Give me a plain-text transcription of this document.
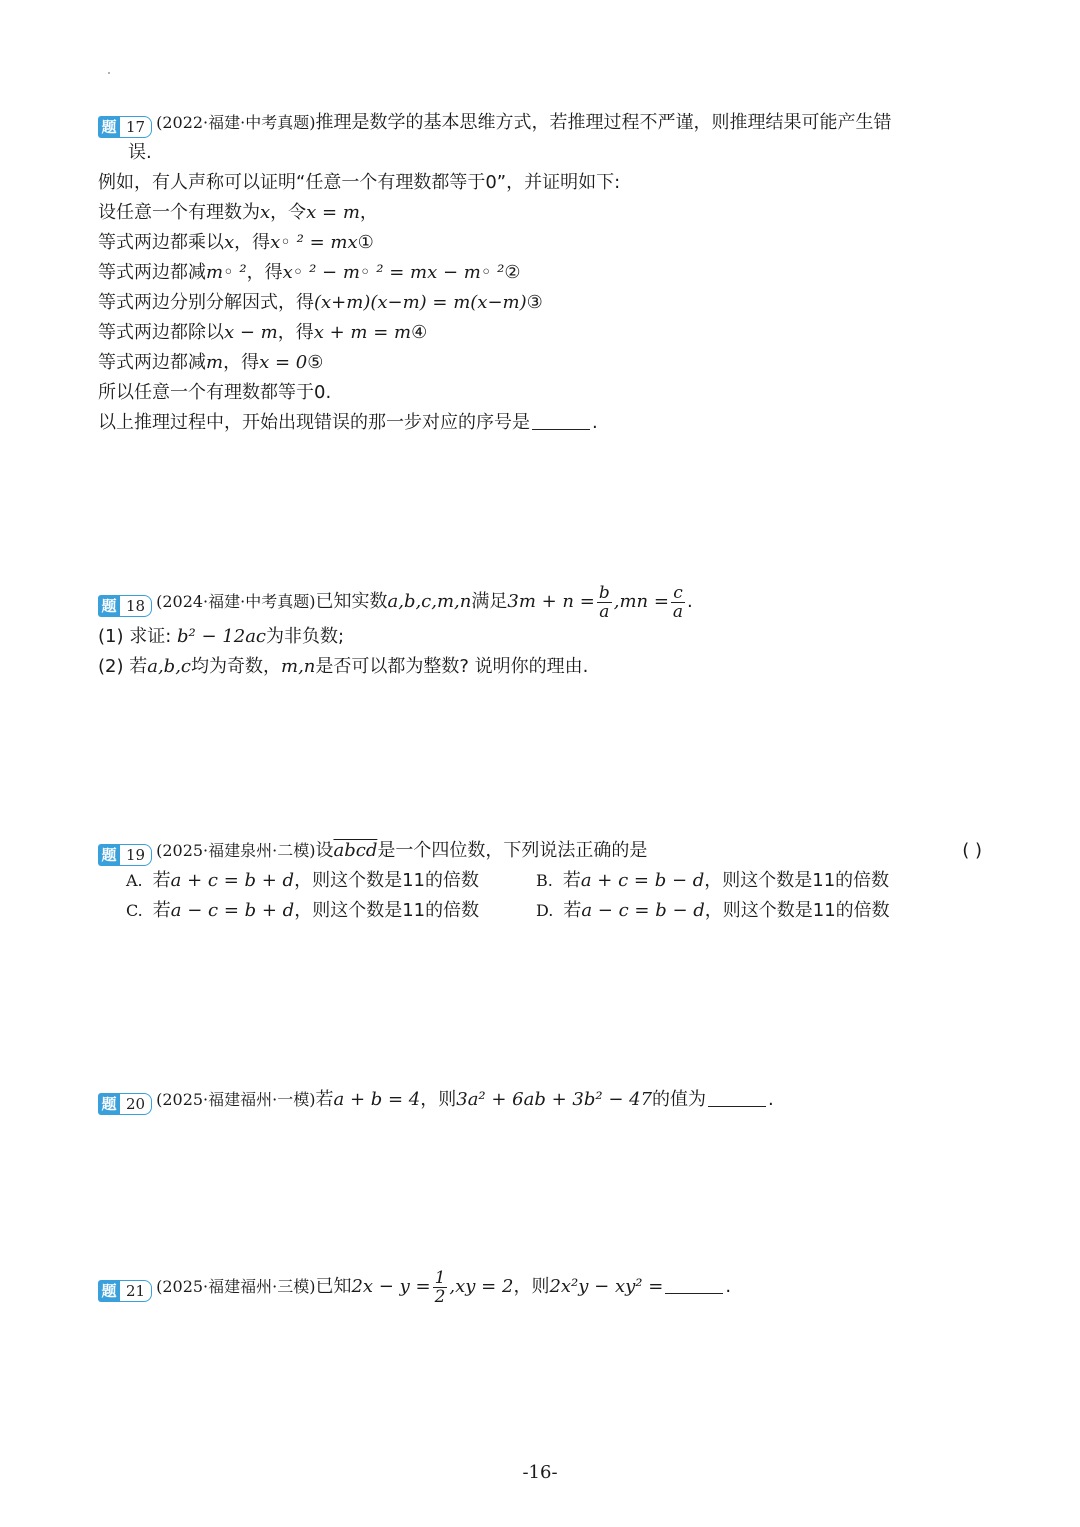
题 17 (2022·福建·中考真题)推理是数学的基本思维方式，若推理过程不严谨，则推理结果可能产生错
误.
例如，有人声称可以证明“任意一个有理数都等于0”，并证明如下:
设任意一个有理数为x，令x = m，
等式两边都乘以x，得x◦ ² = mx①
等式两边都减m◦ ²，得x◦ ² − m◦ ² = mx − m◦ ²②
等式两边分别分解因式，得(x+m)(x−m) = m(x−m)③
等式两边都除以x − m，得x + m = m④
等式两边都减m，得x = 0⑤
所以任意一个有理数都等于0.
以上推理过程中，开始出现错误的那一步对应的序号是	.
题 18 (2024·福建·中考真题)已知实数a,b,c,m,n满足$3m + n = \frac{b}{a} ,mn = \frac{c}{a}$ .
(1) 求证: b² − 12ac为非负数;
(2) 若a,b,c均为奇数，m,n是否可以都为整数? 说明你的理由.
题 19 (2025·福建泉州·二模)设abcd是一个四位数，下列说法正确的是	( )
A. 若a + c = b + d，则这个数是11的倍数	B. 若a + c = b − d，则这个数是11的倍数
C. 若a − c = b + d，则这个数是11的倍数	D. 若a − c = b − d，则这个数是11的倍数
题 20 (2025·福建福州·一模)若a + b = 4，则3a² + 6ab + 3b² − 47的值为	.
题 21 (2025·福建福州·三模)已知$2x - y = \frac{1}{2} ,xy = 2$，则2x²y − xy² =	.
-16-
